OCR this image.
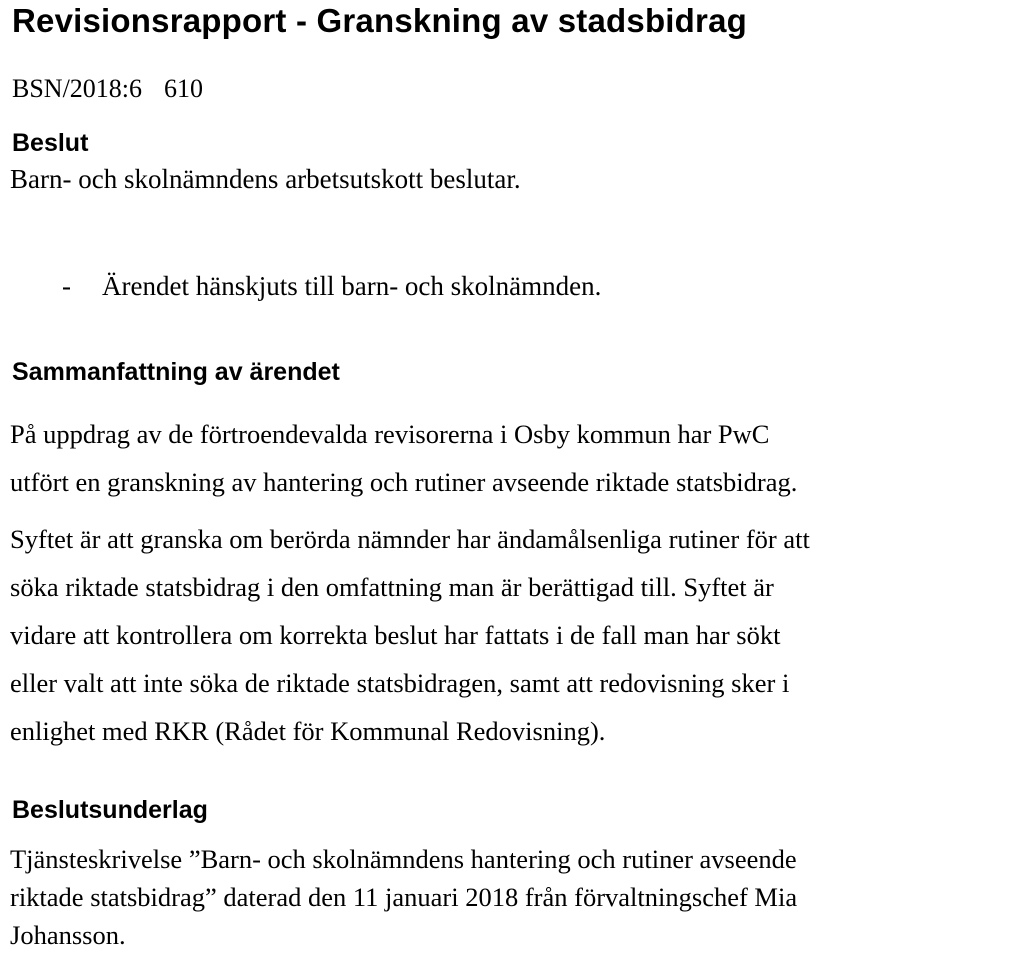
Revisionsrapport - Granskning av stadsbidrag

BSN/2018:6 610

Beslut

Barn- och skolnämndens arbetsutskott beslutar.

- Ärendet hänskjuts till barn- och skolnämnden.

Sammanfattning av ärendet
På uppdrag av de förtroendevalda revisorerna i Osby kommun har PwC
utfört en granskning av hantering och rutiner avseende riktade statsbidrag.
Syftet är att granska om berörda nämnder har ändamålsenliga rutiner för att
söka riktade statsbidrag i den omfattning man är berättigad till. Syftet är
vidare att kontrollera om korrekta beslut har fattats i de fall man har sökt
eller valt att inte söka de riktade statsbidragen, samt att redovisning sker i
enlighet med RKR (Rådet för Kommunal Redovisning).
Beslutsunderlag
Tjänsteskrivelse ”Barn- och skolnämndens hantering och rutiner avseende
riktade statsbidrag” daterad den 11 januari 2018 från förvaltningschef Mia
Johansson.
